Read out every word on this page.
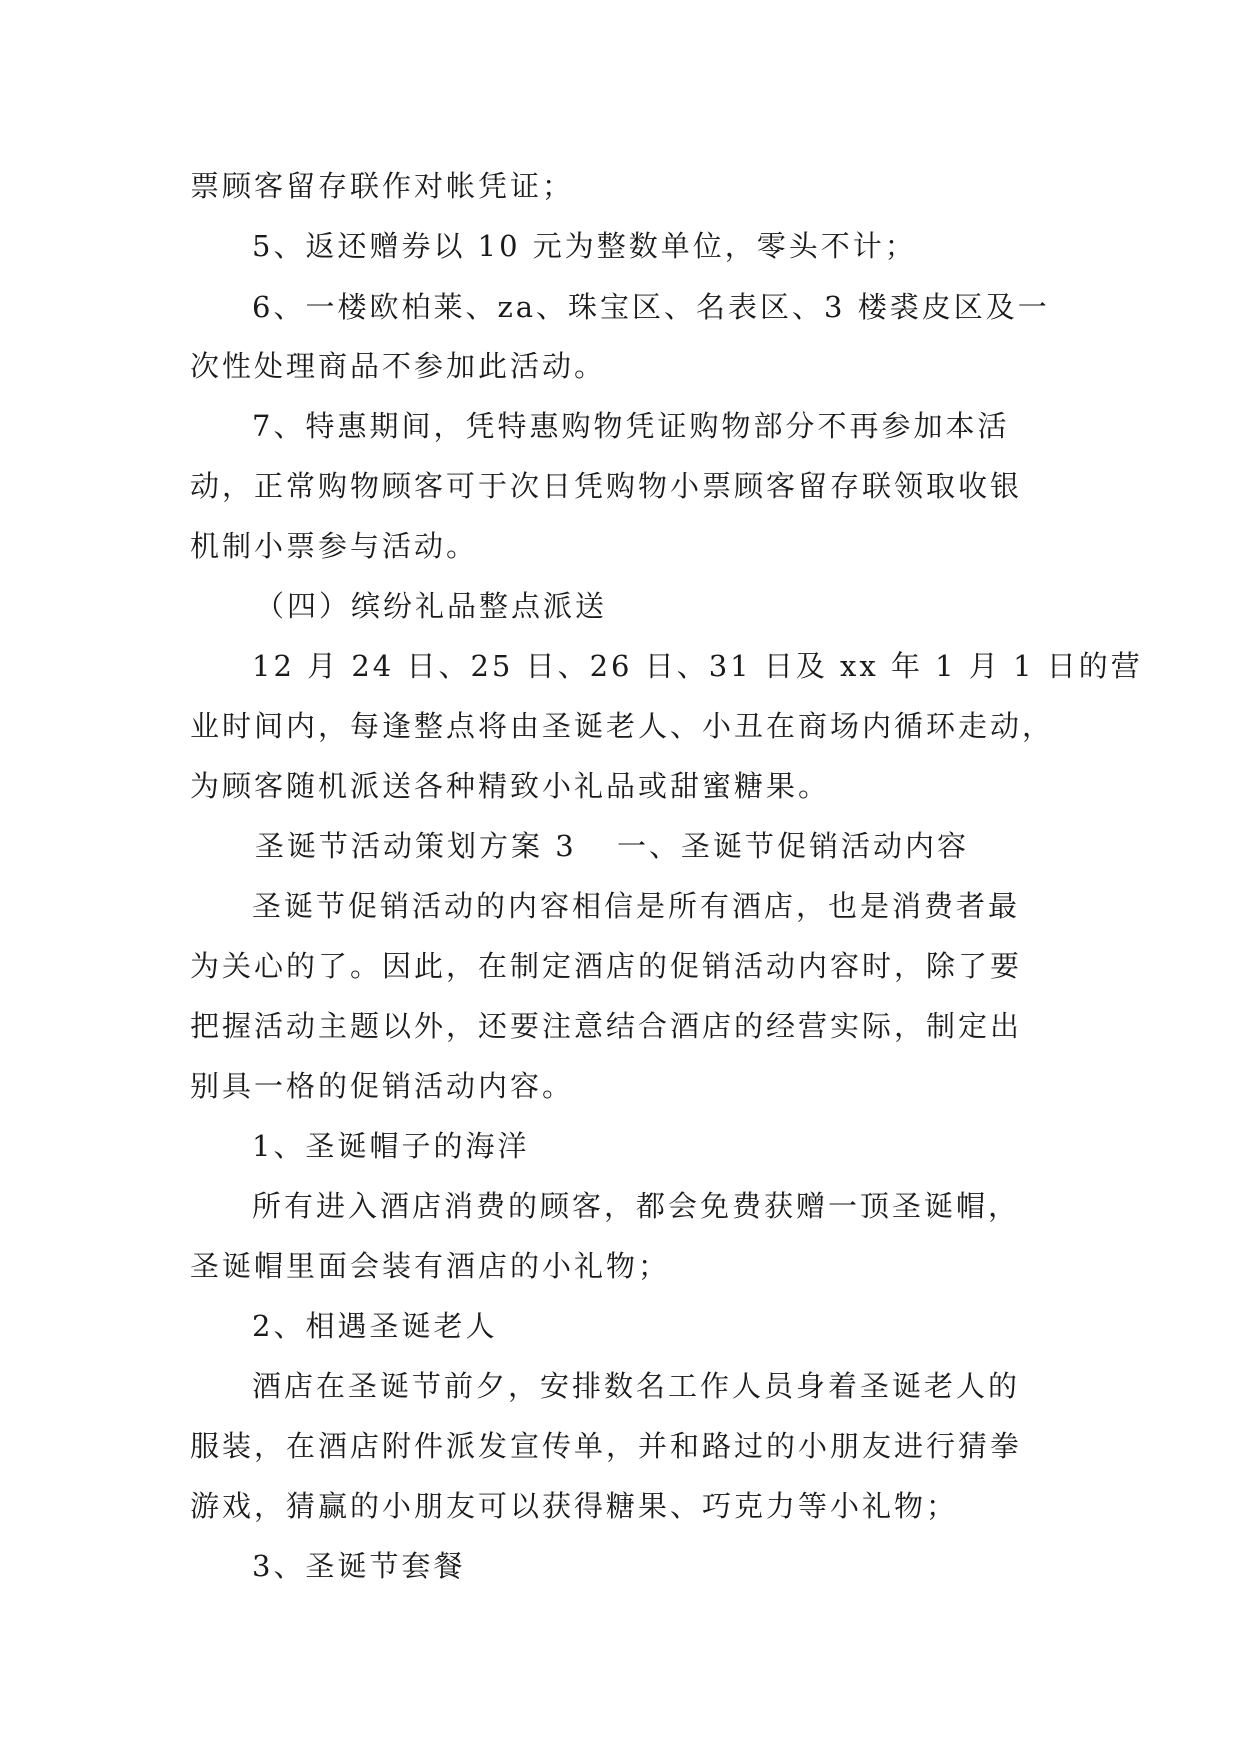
票顾客留存联作对帐凭证；

5、返还赠券以 10 元为整数单位，零头不计；

6、一楼欧柏莱、za、珠宝区、名表区、3 楼裘皮区及一

次性处理商品不参加此活动。

7、特惠期间，凭特惠购物凭证购物部分不再参加本活

动，正常购物顾客可于次日凭购物小票顾客留存联领取收银

机制小票参与活动。

（四）缤纷礼品整点派送

12 月 24 日、25 日、26 日、31 日及 xx 年 1 月 1 日的营

业时间内，每逢整点将由圣诞老人、小丑在商场内循环走动，

为顾客随机派送各种精致小礼品或甜蜜糖果。

圣诞节活动策划方案 3 一、圣诞节促销活动内容

圣诞节促销活动的内容相信是所有酒店，也是消费者最

为关心的了。因此，在制定酒店的促销活动内容时，除了要

把握活动主题以外，还要注意结合酒店的经营实际，制定出

别具一格的促销活动内容。

1、圣诞帽子的海洋

所有进入酒店消费的顾客，都会免费获赠一顶圣诞帽，

圣诞帽里面会装有酒店的小礼物；

2、相遇圣诞老人

酒店在圣诞节前夕，安排数名工作人员身着圣诞老人的

服装，在酒店附件派发宣传单，并和路过的小朋友进行猜拳

游戏，猜赢的小朋友可以获得糖果、巧克力等小礼物；

3、圣诞节套餐
